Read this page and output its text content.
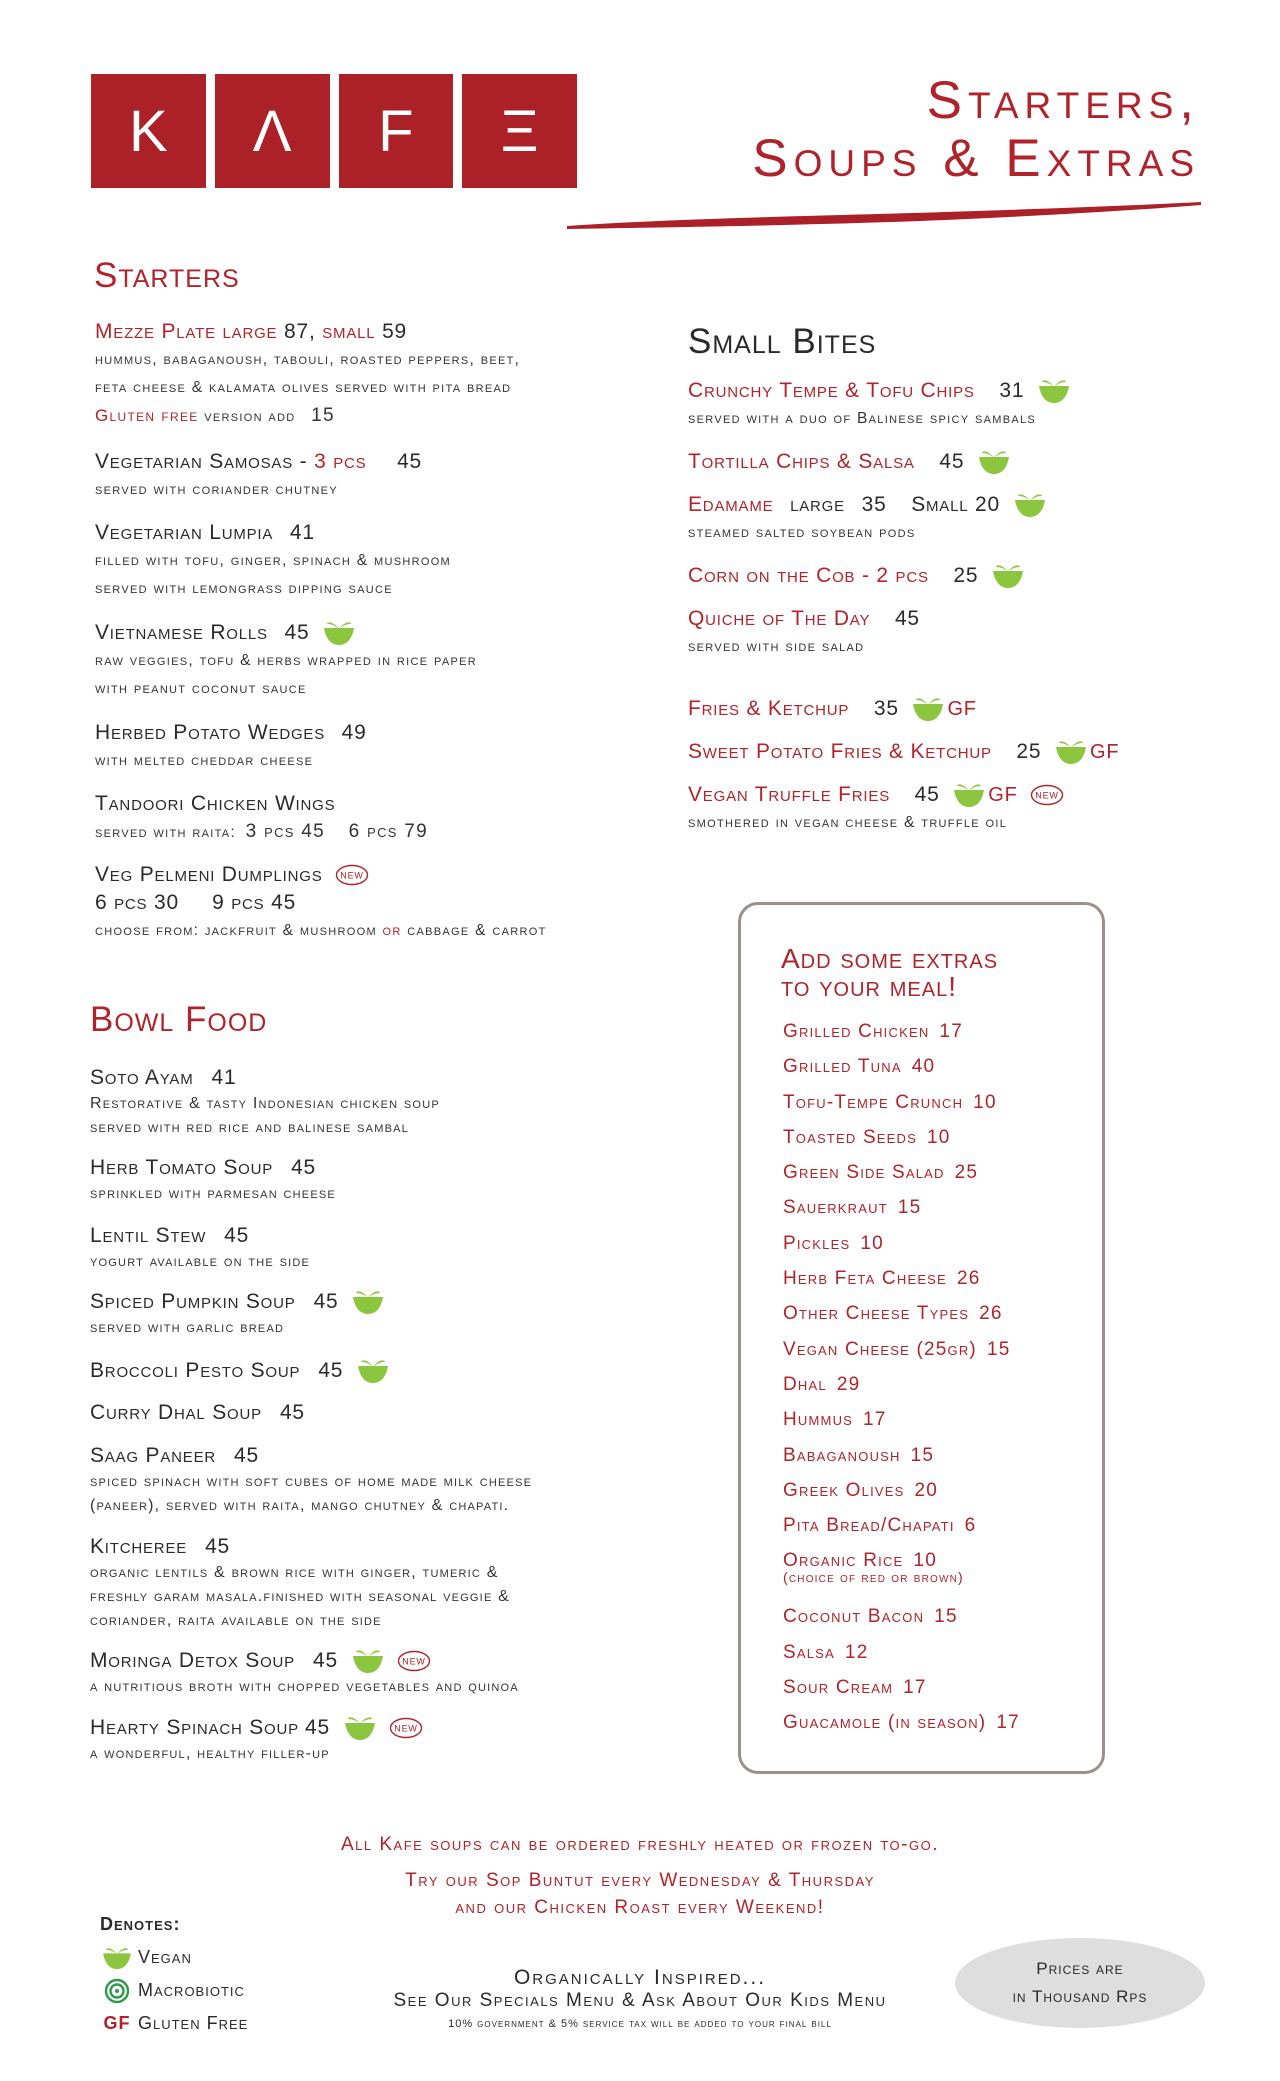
K	Λ	F	Ξ	Starters,
Soups & Extras
Starters
Mezze Plate large 87, small 59
hummus, babaganoush, tabouli, roasted peppers, beet,
feta cheese & kalamata olives served with pita bread
Gluten free version add 15
Vegetarian Samosas - 3 pcs 45
served with coriander chutney
Vegetarian Lumpia 41
filled with tofu, ginger, spinach & mushroom
served with lemongrass dipping sauce
Vietnamese Rolls 45
raw veggies, tofu & herbs wrapped in rice paper
with peanut coconut sauce
Herbed Potato Wedges 49
with melted cheddar cheese
Tandoori Chicken Wings
served with raita: 3 pcs 45 6 pcs 79
Veg Pelmeni Dumplings NEW
6 pcs 30     9 pcs 45
choose from: jackfruit & mushroom or cabbage & carrot
Small Bites
Crunchy Tempe & Tofu Chips 31
served with a duo of Balinese spicy sambals
Tortilla Chips & Salsa 45
Edamame large 35 Small 20
steamed salted soybean pods
Corn on the Cob - 2 pcs 25
Quiche of The Day 45
served with side salad
Fries & Ketchup 35 GF
Sweet Potato Fries & Ketchup 25 GF
Vegan Truffle Fries 45 GF NEW
smothered in vegan cheese & truffle oil
Bowl Food
Soto Ayam 41
Restorative & tasty Indonesian chicken soup
served with red rice and balinese sambal
Herb Tomato Soup 45
sprinkled with parmesan cheese
Lentil Stew 45
yogurt available on the side
Spiced Pumpkin Soup 45
served with garlic bread
Broccoli Pesto Soup 45
Curry Dhal Soup 45
Saag Paneer 45
spiced spinach with soft cubes of home made milk cheese
(paneer), served with raita, mango chutney & chapati.
Kitcheree 45
organic lentils & brown rice with ginger, tumeric &
freshly garam masala.finished with seasonal veggie &
coriander, raita available on the side
Moringa Detox Soup 45	NEW
a nutritious broth with chopped vegetables and quinoa
Hearty Spinach Soup 45	NEW
a wonderful, healthy filler-up
Add some extras
to your meal!
Grilled Chicken 17
Grilled Tuna 40
Tofu-Tempe Crunch 10
Toasted Seeds 10
Green Side Salad 25
Sauerkraut 15
Pickles 10
Herb Feta Cheese 26
Other Cheese Types 26
Vegan Cheese (25gr) 15
Dhal 29
Hummus 17
Babaganoush 15
Greek Olives 20
Pita Bread/Chapati 6
Organic Rice 10
(choice of red or brown)
Coconut Bacon 15
Salsa 12
Sour Cream 17
Guacamole (in season) 17
All Kafe soups can be ordered freshly heated or frozen to-go.
Try our Sop Buntut every Wednesday & Thursday
and our Chicken Roast every Weekend!
Denotes:
Vegan
Macrobiotic
GF Gluten Free
Organically Inspired...
See Our Specials Menu & Ask About Our Kids Menu
10% government & 5% service tax will be added to your final bill
Prices are
in Thousand Rps
